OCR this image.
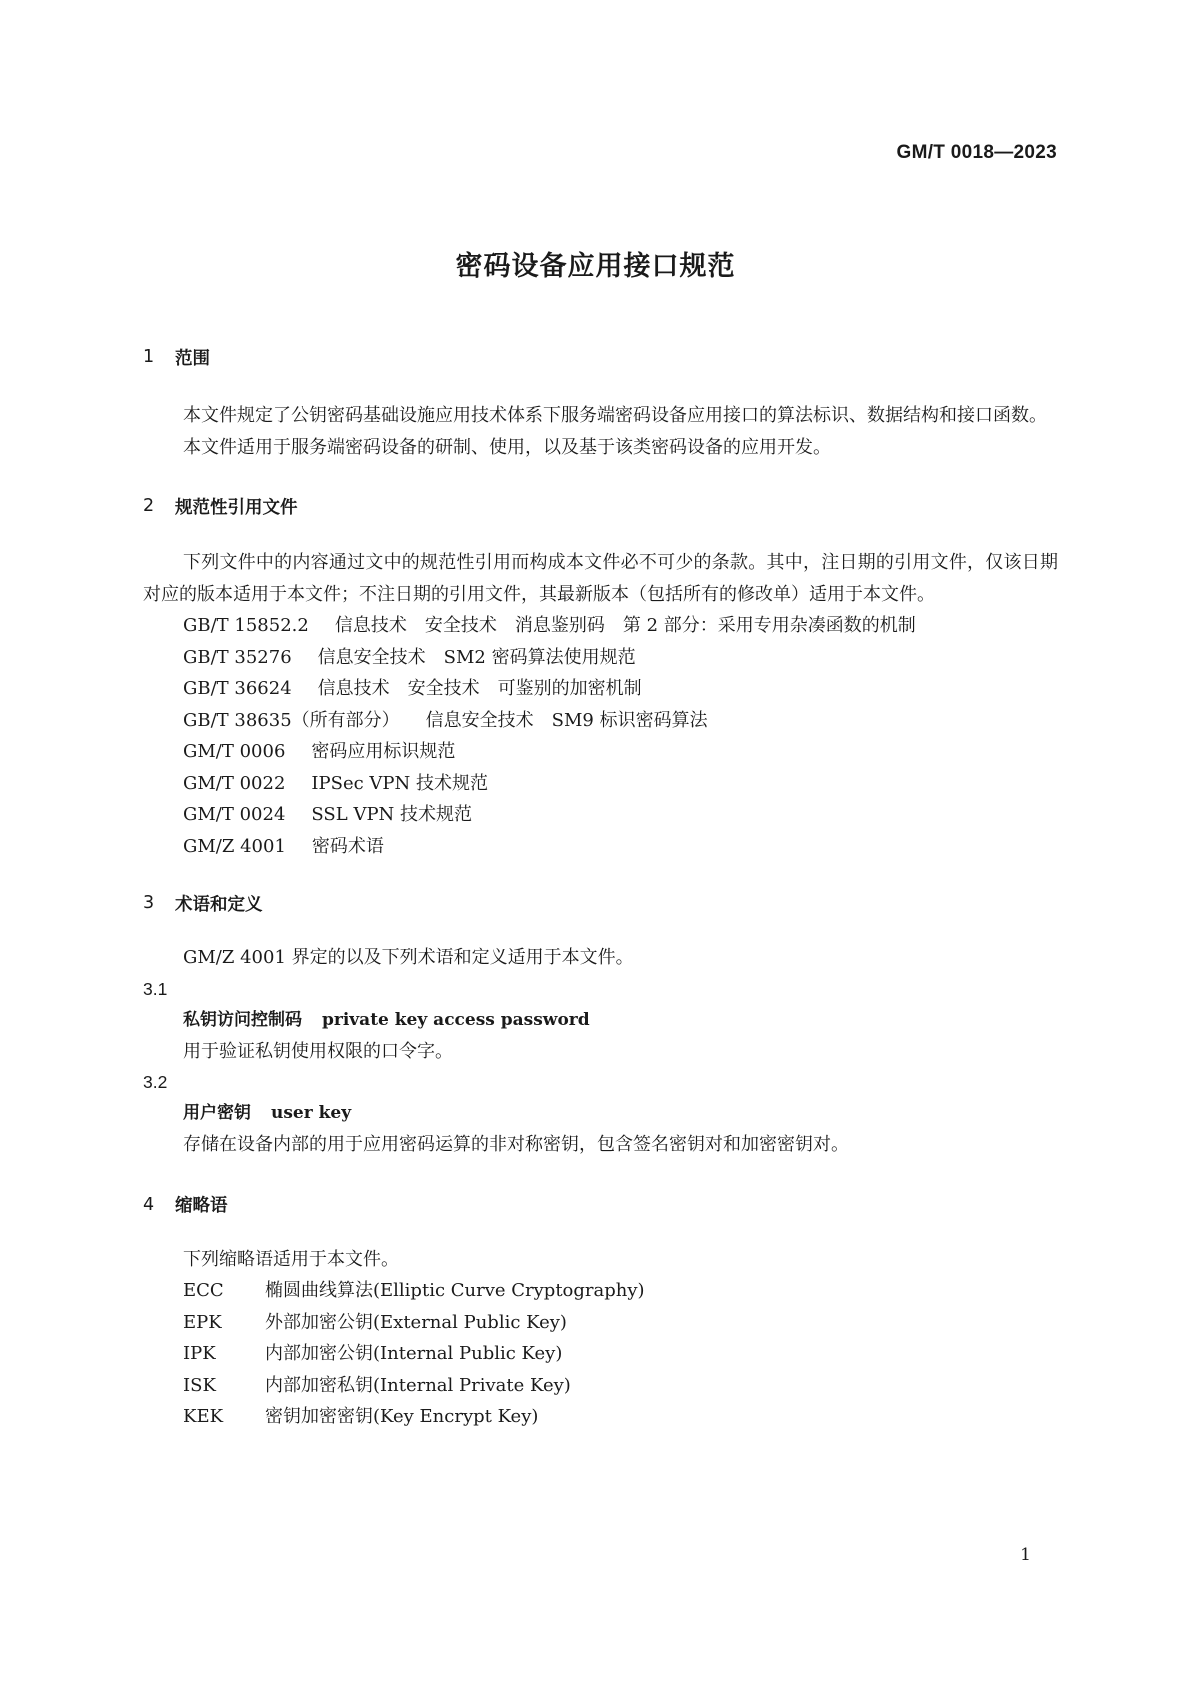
GM/T 0018—2023
密码设备应用接口规范
1	范围

本文件规定了公钥密码基础设施应用技术体系下服务端密码设备应用接口的算法标识、数据结构和接口函数。

本文件适用于服务端密码设备的研制、使用，以及基于该类密码设备的应用开发。

2	规范性引用文件

下列文件中的内容通过文中的规范性引用而构成本文件必不可少的条款。其中，注日期的引用文件，仅该日期对应的版本适用于本文件；不注日期的引用文件，其最新版本（包括所有的修改单）适用于本文件。

GB/T 15852.2 信息技术　安全技术　消息鉴别码　第 2 部分：采用专用杂凑函数的机制
GB/T 35276 信息安全技术　SM2 密码算法使用规范
GB/T 36624 信息技术　安全技术　可鉴别的加密机制
GB/T 38635（所有部分） 信息安全技术　SM9 标识密码算法
GM/T 0006 密码应用标识规范
GM/T 0022 IPSec VPN 技术规范
GM/T 0024 SSL VPN 技术规范
GM/Z 4001 密码术语
3	术语和定义

GM/Z 4001 界定的以及下列术语和定义适用于本文件。

3.1
私钥访问控制码 private key access password
用于验证私钥使用权限的口令字。
3.2
用户密钥 user key
存储在设备内部的用于应用密码运算的非对称密钥，包含签名密钥对和加密密钥对。
4	缩略语

下列缩略语适用于本文件。

ECC 椭圆曲线算法(Elliptic Curve Cryptography)
EPK 外部加密公钥(External Public Key)
IPK	内部加密公钥(Internal Public Key)
ISK	内部加密私钥(Internal Private Key)
KEK 密钥加密密钥(Key Encrypt Key)
1
